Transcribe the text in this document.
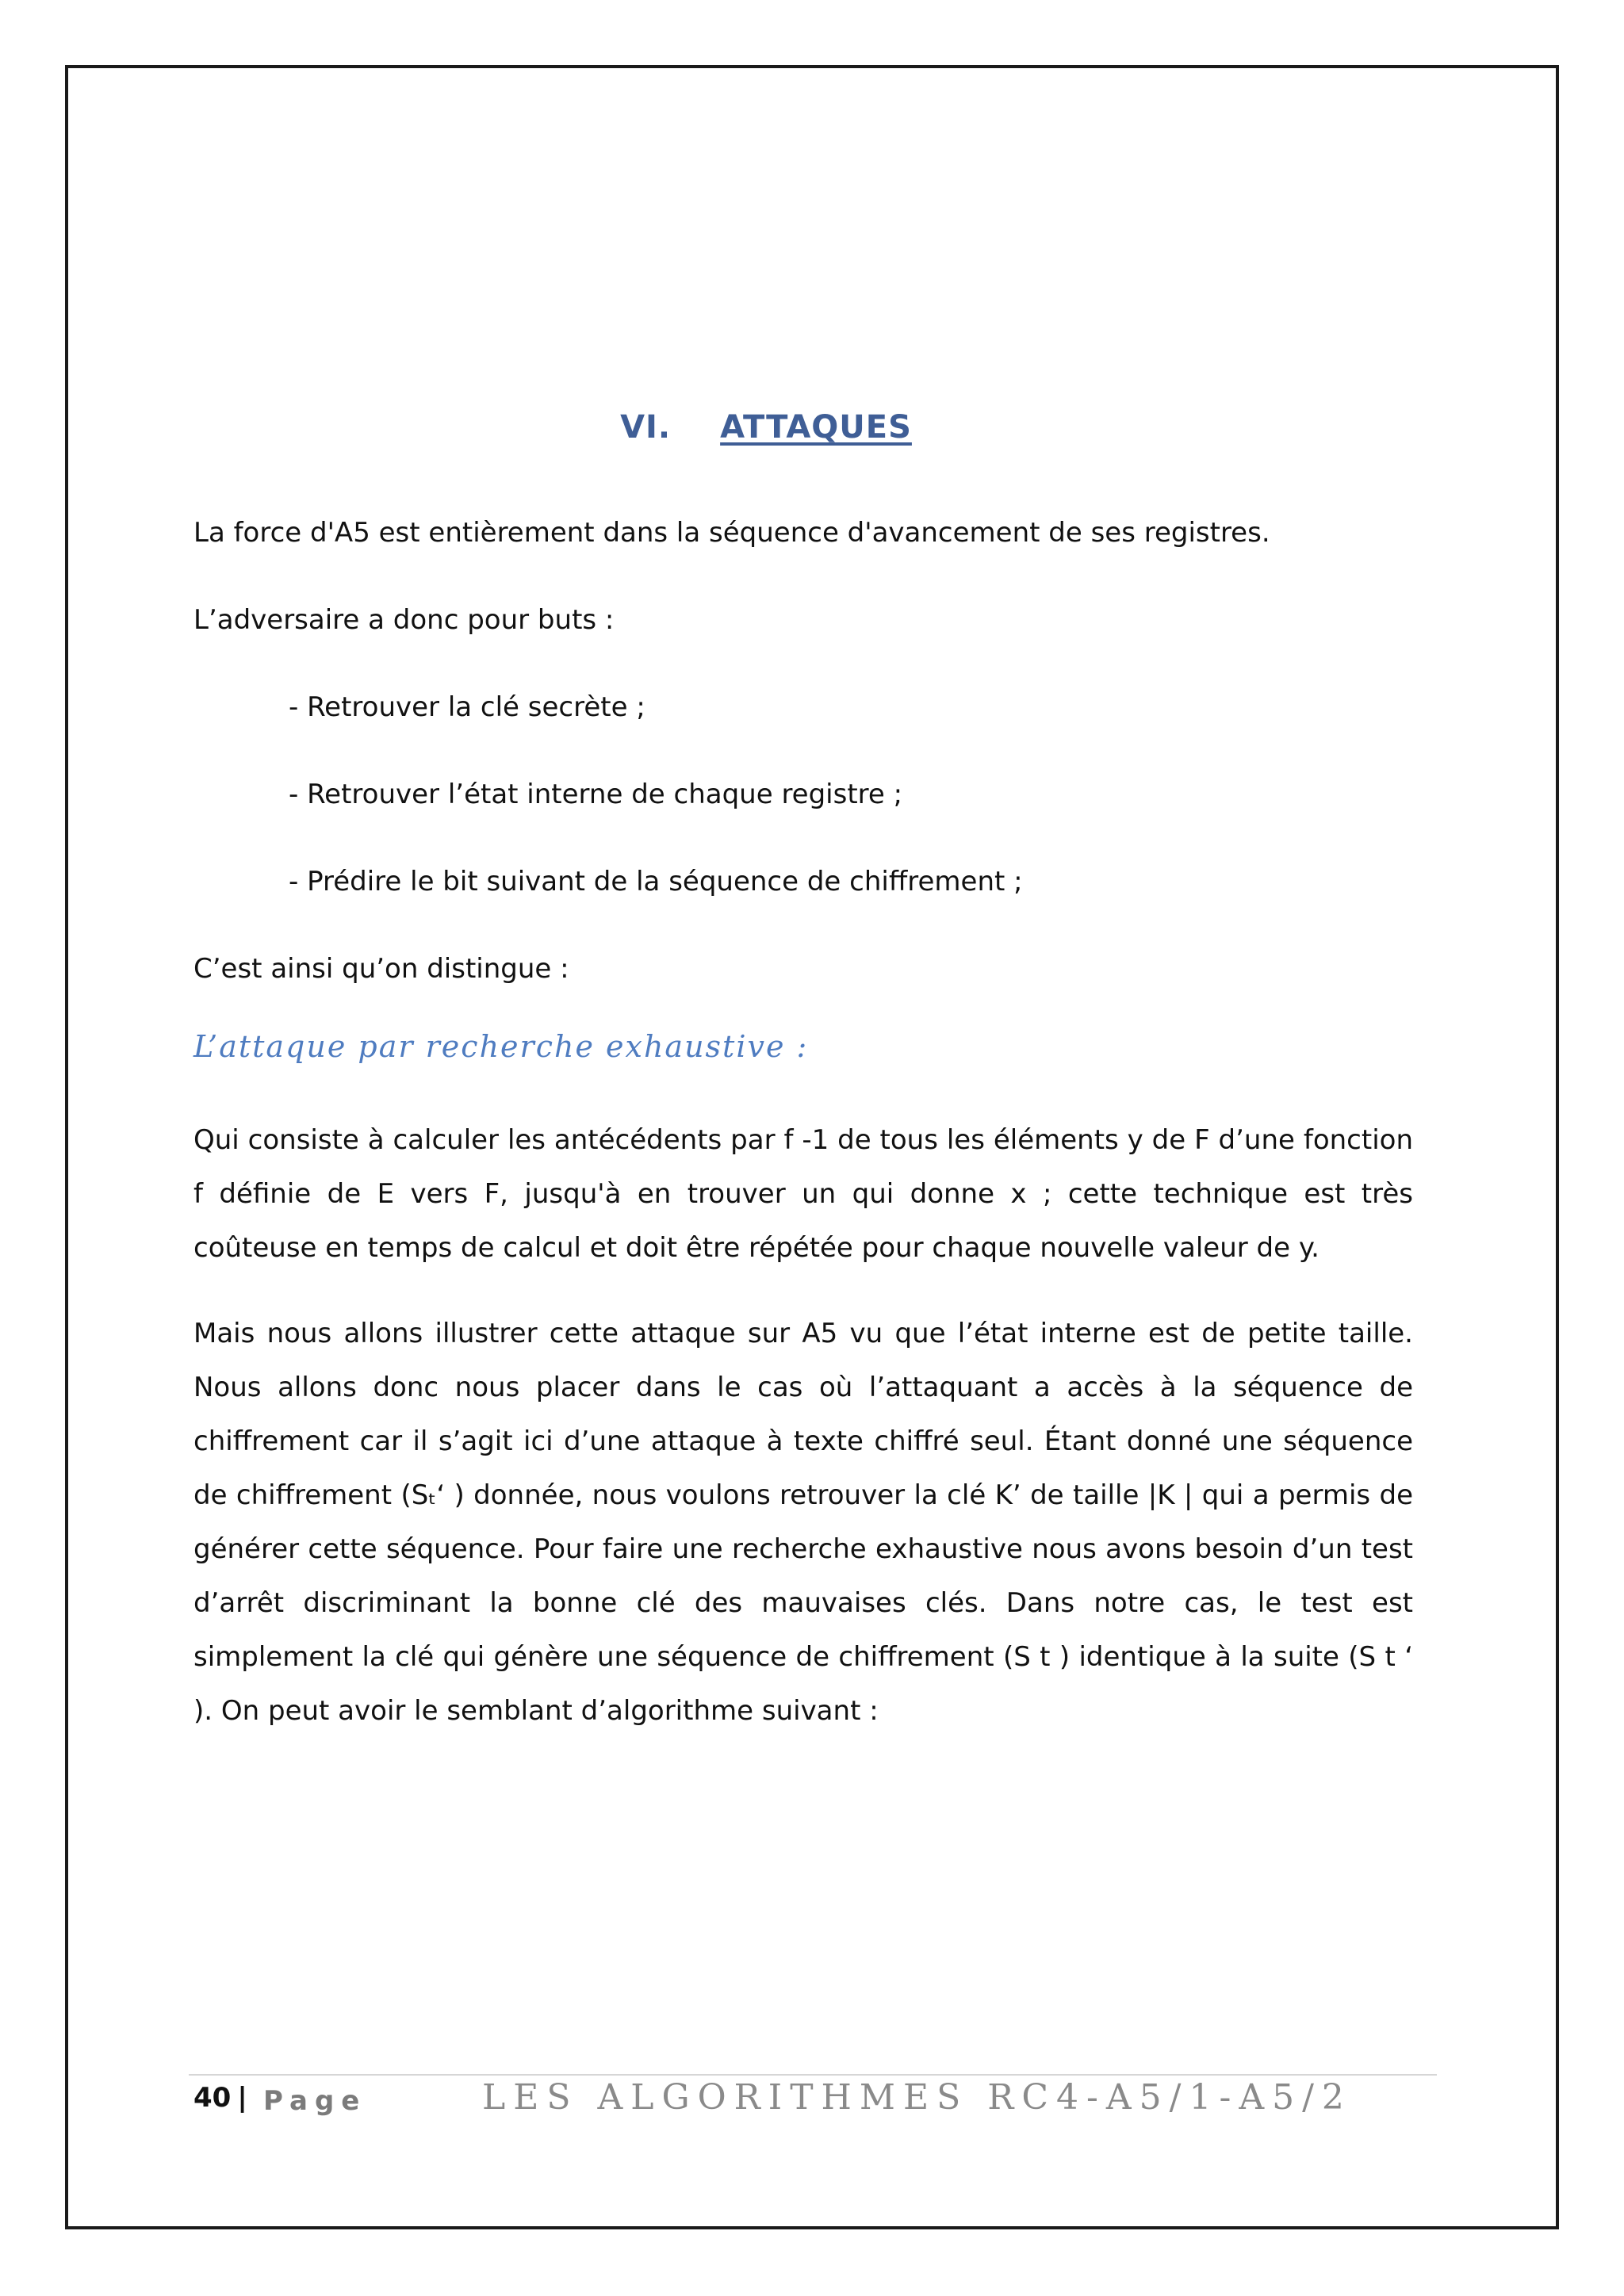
VI. ATTAQUES
La force d'A5 est entièrement dans la séquence d'avancement de ses registres.
L’adversaire a donc pour buts :
- Retrouver la clé secrète ;
- Retrouver l’état interne de chaque registre ;
- Prédire le bit suivant de la séquence de chiffrement ;
C’est ainsi qu’on distingue :
L’attaque par recherche exhaustive :
Qui consiste à calculer les antécédents par f -1 de tous les éléments y de F d’une fonction f définie de E vers F, jusqu'à en trouver un qui donne x ; cette technique est très coûteuse en temps de calcul et doit être répétée pour chaque nouvelle valeur de y.
Mais nous allons illustrer cette attaque sur A5 vu que l’état interne est de petite taille. Nous allons donc nous placer dans le cas où l’attaquant a accès à la séquence de chiffrement car il s’agit ici d’une attaque à texte chiffré seul. Étant donné une séquence de chiffrement (Sₜ‘ ) donnée, nous voulons retrouver la clé K’ de taille |K | qui a permis de générer cette séquence. Pour faire une recherche exhaustive nous avons besoin d’un test d’arrêt discriminant la bonne clé des mauvaises clés. Dans notre cas, le test est simplement la clé qui génère une séquence de chiffrement (S t ) identique à la suite (S t ‘ ). On peut avoir le semblant d’algorithme suivant :
40 | Page	LES ALGORITHMES RC4-A5/1-A5/2
